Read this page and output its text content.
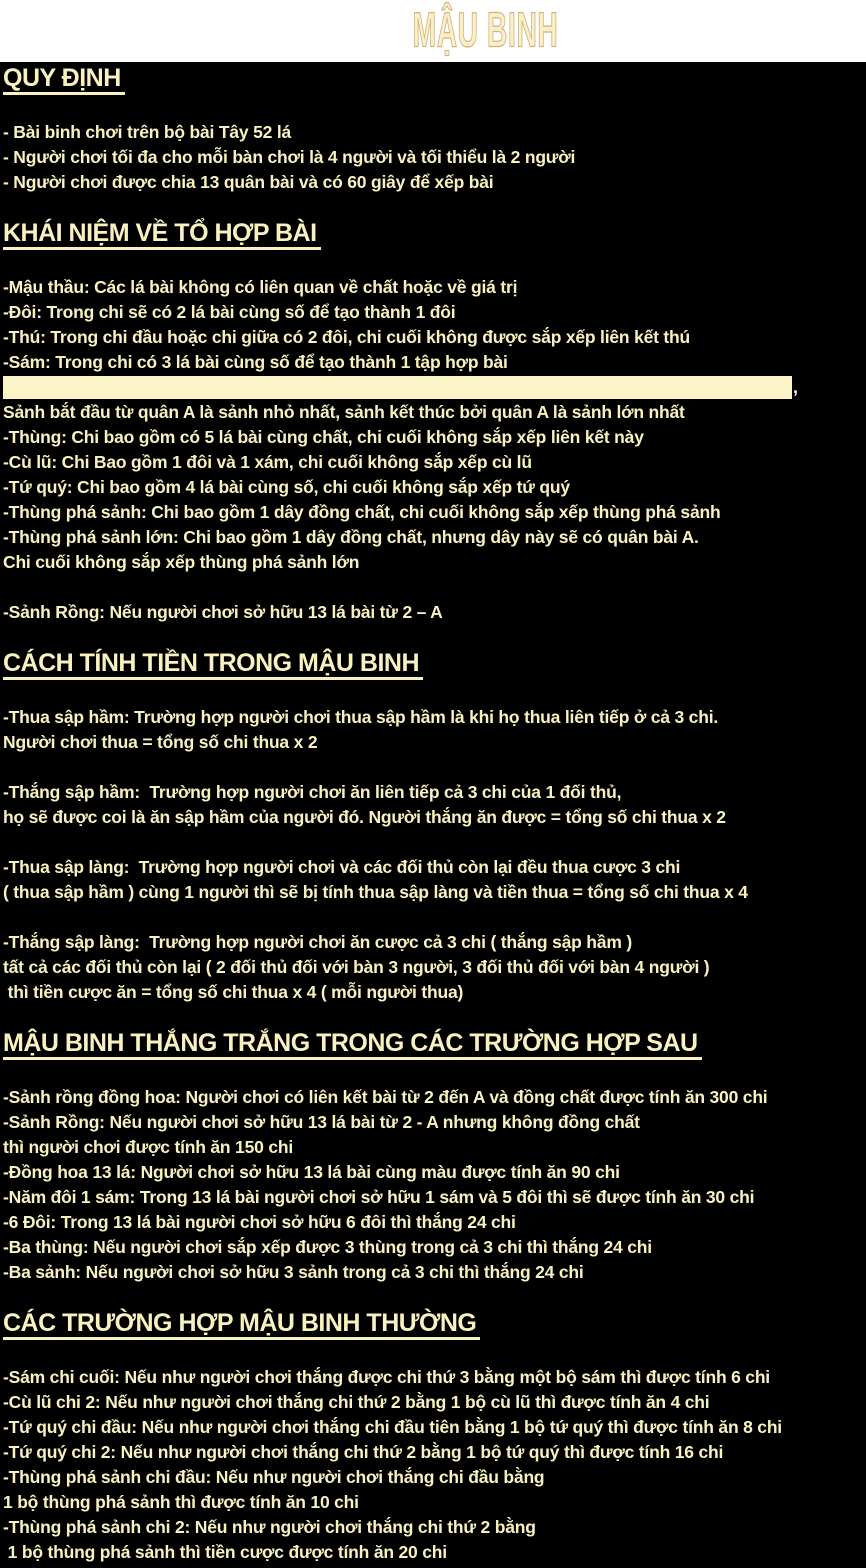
MẬU BINH
QUY ĐỊNH
- Bài binh chơi trên bộ bài Tây 52 lá
- Người chơi tối đa cho mỗi bàn chơi là 4 người và tối thiểu là 2 người
- Người chơi được chia 13 quân bài và có 60 giây để xếp bài
KHÁI NIỆM VỀ TỔ HỢP BÀI
-Mậu thầu: Các lá bài không có liên quan về chất hoặc về giá trị
-Đôi: Trong chi sẽ có 2 lá bài cùng số để tạo thành 1 đôi
-Thú: Trong chi đầu hoặc chi giữa có 2 đôi, chi cuối không được sắp xếp liên kết thú
-Sám: Trong chi có 3 lá bài cùng số để tạo thành 1 tập hợp bài
,
Sảnh bắt đầu từ quân A là sảnh nhỏ nhất, sảnh kết thúc bởi quân A là sảnh lớn nhất
-Thùng: Chi bao gồm có 5 lá bài cùng chất, chi cuối không sắp xếp liên kết này
-Cù lũ: Chi Bao gồm 1 đôi và 1 xám, chi cuối không sắp xếp cù lũ
-Tứ quý: Chi bao gồm 4 lá bài cùng số, chi cuối không sắp xếp tứ quý
-Thùng phá sảnh: Chi bao gồm 1 dây đồng chất, chi cuối không sắp xếp thùng phá sảnh
-Thùng phá sảnh lớn: Chi bao gồm 1 dây đồng chất, nhưng dây này sẽ có quân bài A.
Chi cuối không sắp xếp thùng phá sảnh lớn
-Sảnh Rồng: Nếu người chơi sở hữu 13 lá bài từ 2 – A
CÁCH TÍNH TIỀN TRONG MẬU BINH
-Thua sập hầm: Trường hợp người chơi thua sập hầm là khi họ thua liên tiếp ở cả 3 chi.
Người chơi thua = tổng số chi thua x 2
-Thắng sập hầm:  Trường hợp người chơi ăn liên tiếp cả 3 chi của 1 đối thủ,
họ sẽ được coi là ăn sập hầm của người đó. Người thắng ăn được = tổng số chi thua x 2
-Thua sập làng:  Trường hợp người chơi và các đối thủ còn lại đều thua cược 3 chi
( thua sập hầm ) cùng 1 người thì sẽ bị tính thua sập làng và tiền thua = tổng số chi thua x 4
-Thắng sập làng:  Trường hợp người chơi ăn cược cả 3 chi ( thắng sập hầm )
tất cả các đối thủ còn lại ( 2 đối thủ đối với bàn 3 người, 3 đối thủ đối với bàn 4 người )
thì tiền cược ăn = tổng số chi thua x 4 ( mỗi người thua)
MẬU BINH THẮNG TRẮNG TRONG CÁC TRƯỜNG HỢP SAU
-Sảnh rồng đồng hoa: Người chơi có liên kết bài từ 2 đến A và đồng chất được tính ăn 300 chi
-Sảnh Rồng: Nếu người chơi sở hữu 13 lá bài từ 2 - A nhưng không đồng chất
thì người chơi được tính ăn 150 chi
-Đồng hoa 13 lá: Người chơi sở hữu 13 lá bài cùng màu được tính ăn 90 chi
-Năm đôi 1 sám: Trong 13 lá bài người chơi sở hữu 1 sám và 5 đôi thì sẽ được tính ăn 30 chi
-6 Đôi: Trong 13 lá bài người chơi sở hữu 6 đôi thì thắng 24 chi
-Ba thùng: Nếu người chơi sắp xếp được 3 thùng trong cả 3 chi thì thắng 24 chi
-Ba sảnh: Nếu người chơi sở hữu 3 sảnh trong cả 3 chi thì thắng 24 chi
CÁC TRƯỜNG HỢP MẬU BINH THƯỜNG
-Sám chi cuối: Nếu như người chơi thắng được chi thứ 3 bằng một bộ sám thì được tính 6 chi
-Cù lũ chi 2: Nếu như người chơi thắng chi thứ 2 bằng 1 bộ cù lũ thì được tính ăn 4 chi
-Tứ quý chi đầu: Nếu như người chơi thắng chi đầu tiên bằng 1 bộ tứ quý thì được tính ăn 8 chi
-Tứ quý chi 2: Nếu như người chơi thắng chi thứ 2 bằng 1 bộ tứ quý thì được tính 16 chi
-Thùng phá sảnh chi đầu: Nếu như người chơi thắng chi đầu bằng
1 bộ thùng phá sảnh thì được tính ăn 10 chi
-Thùng phá sảnh chi 2: Nếu như người chơi thắng chi thứ 2 bằng
1 bộ thùng phá sảnh thì tiền cược được tính ăn 20 chi
